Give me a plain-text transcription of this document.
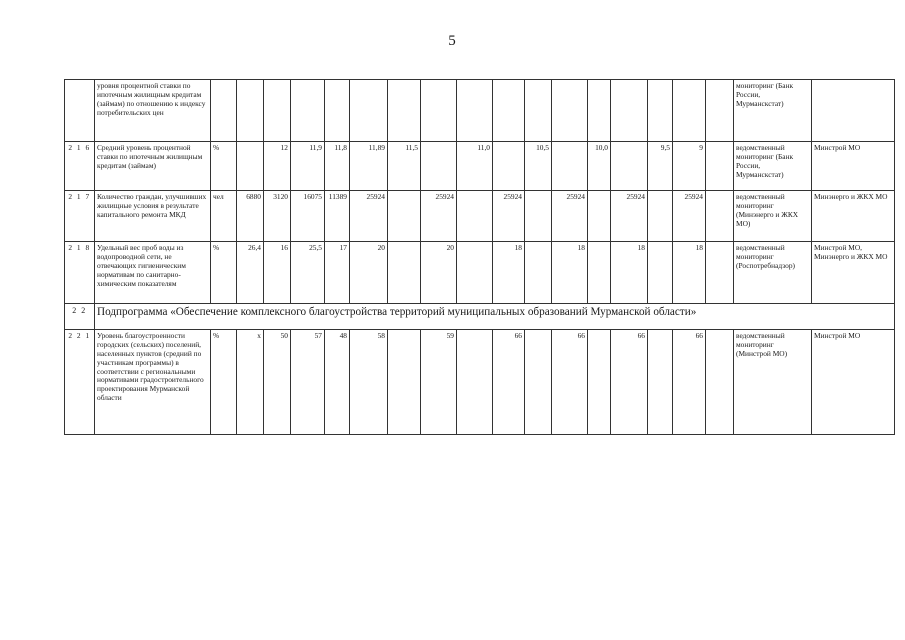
5
	уровня процентной ставки по ипотечным жилищным кредитам (займам) по отношению к индексу потребительских цен																		мониторинг (Банк России, Мурманскстат)	
2 1 6	Средний уровень процентной ставки по ипотечным жилищным кредитам (займам)	%		12	11,9	11,8	11,89	11,5		11,0		10,5		10,0		9,5	9		ведомственный мониторинг (Банк России, Мурманскстат)	Минстрой МО
2 1 7	Количество граждан, улучшивших жилищные условия в результате капитального ремонта МКД	чел	6880	3120	16075	11389	25924		25924		25924		25924		25924		25924		ведомственный мониторинг (Минэнерго и ЖКХ МО)	Минэнерго и ЖКХ МО
2 1 8	Удельный вес проб воды из водопроводной сети, не отвечающих гигиеническим нормативам по санитарно-химическим показателям	%	26,4	16	25,5	17	20		20		18		18		18		18		ведомственный мониторинг (Роспотребнадзор)	Минстрой МО, Минэнерго и ЖКХ МО
2 2	Подпрограмма «Обеспечение комплексного благоустройства территорий муниципальных образований Мурманской области»																			
2 2 1	Уровень благоустроенности городских (сельских) поселений, населенных пунктов (средний по участникам программы) в соответствии с региональными нормативами градостроительного проектирования Мурманской области	%	х	50	57	48	58		59		66		66		66		66		ведомственный мониторинг (Минстрой МО)	Минстрой МО
